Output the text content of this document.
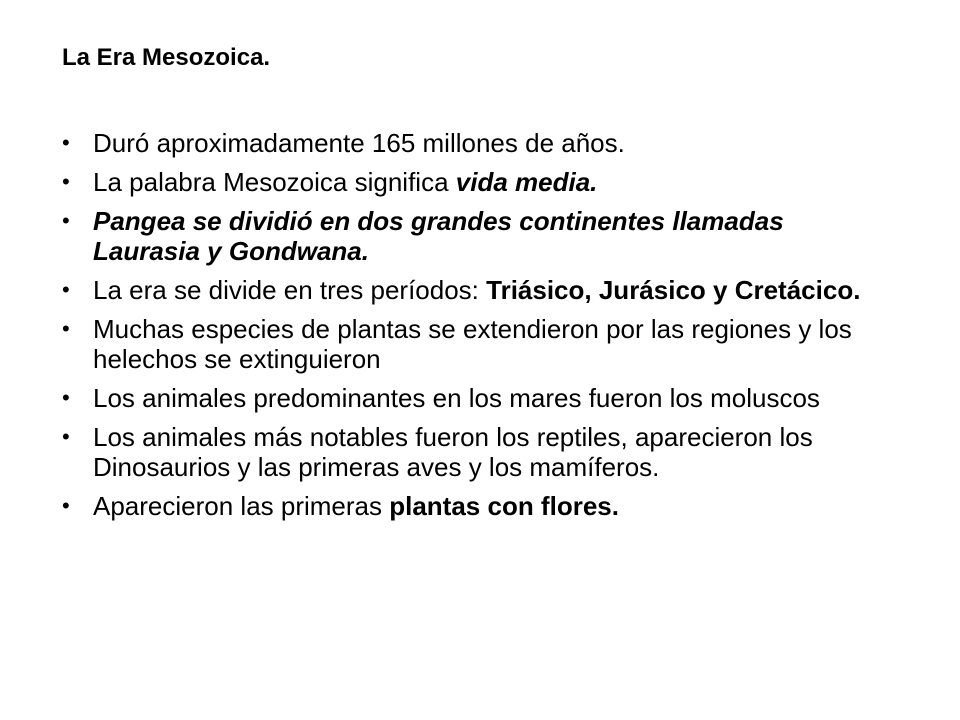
La Era Mesozoica.
• Duró aproximadamente 165 millones de años.
• La palabra Mesozoica significa vida media.
• Pangea se dividió en dos grandes continentes llamadas Laurasia y Gondwana.
• La era se divide en tres períodos: Triásico, Jurásico y Cretácico.
• Muchas especies de plantas se extendieron por las regiones y los helechos se extinguieron
• Los animales predominantes en los mares fueron los moluscos
• Los animales más notables fueron los reptiles, aparecieron los Dinosaurios y las primeras aves y los mamíferos.
• Aparecieron las primeras plantas con flores.
